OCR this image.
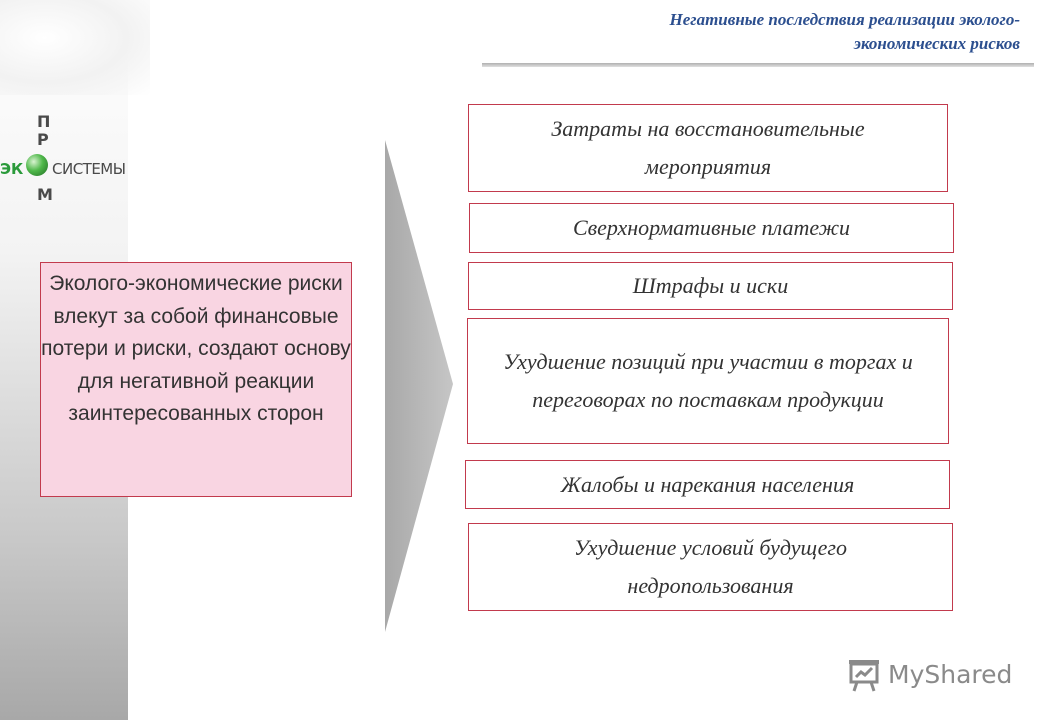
Негативные последствия реализации эколого-
экономических рисков
П
Р
ЭК СИСТЕМЫ
М
Эколого-экономические риски влекут за собой финансовые потери и риски, создают основу для негативной реакции заинтересованных сторон
Затраты на восстановительные мероприятия
Сверхнормативные платежи
Штрафы и иски
Ухудшение позиций при участии в торгах и переговорах по поставкам продукции
Жалобы и нарекания населения
Ухудшение условий будущего недропользования
MyShared
